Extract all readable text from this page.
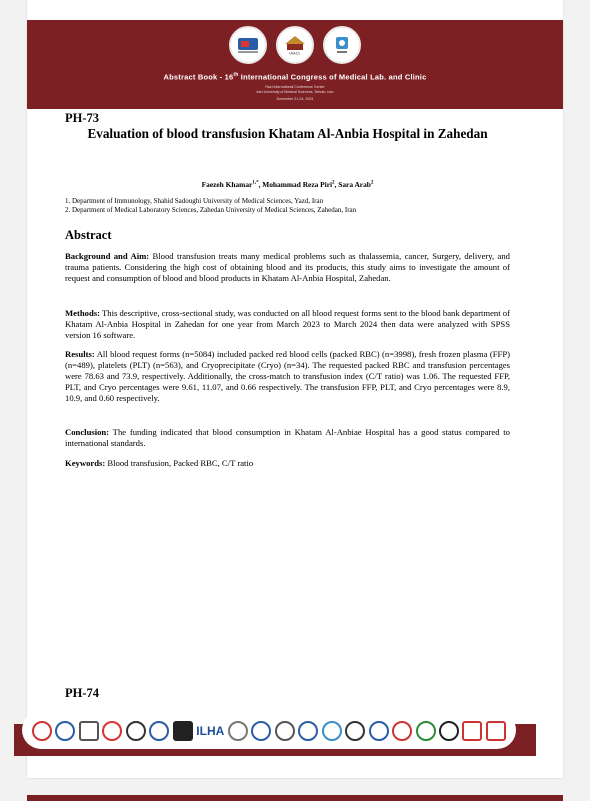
IAACL
Abstract Book - 16th International Congress of Medical Lab. and Clinic
Razi International Conference Center
Iran University of Medical Sciences, Tehran, Iran
December 21-24, 2024
PH-73
Evaluation of blood transfusion Khatam Al-Anbia Hospital in Zahedan
Faezeh Khamar$^{1,*}$, Mohammad Reza Piri$^2$, Sara Arab$^2$
1. Department of Immunology, Shahid Sadoughi University of Medical Sciences, Yazd, Iran
2. Department of Medical Laboratory Sciences, Zahedan University of Medical Sciences, Zahedan, Iran
Abstract

Background and Aim: Blood transfusion treats many medical problems such as thalassemia, cancer, Surgery, delivery, and trauma patients. Considering the high cost of obtaining blood and its products, this study aims to investigate the amount of request and consumption of blood and blood products in Khatam Al-Anbia Hospital, Zahedan.

Methods: This descriptive, cross-sectional study, was conducted on all blood request forms sent to the blood bank department of Khatam Al-Anbia Hospital in Zahedan for one year from March 2023 to March 2024 then data were analyzed with SPSS version 16 software.

Results: All blood request forms (n=5084) included packed red blood cells (packed RBC) (n=3998), fresh frozen plasma (FFP) (n=489), platelets (PLT) (n=563), and Cryoprecipitate (Cryo) (n=34). The requested packed RBC and transfusion percentages were 78.63 and 73.9, respectively. Additionally, the cross-match to transfusion index (C/T ratio) was 1.06. The requested FFP, PLT, and Cryo percentages were 9.61, 11.07, and 0.66 respectively. The transfusion FFP, PLT, and Cryo percentages were 8.9, 10.9, and 0.60 respectively.

Conclusion: The funding indicated that blood consumption in Khatam Al-Anbiae Hospital has a good status compared to international standards.

Keywords: Blood transfusion, Packed RBC, C/T ratio

PH-74
ILHA
